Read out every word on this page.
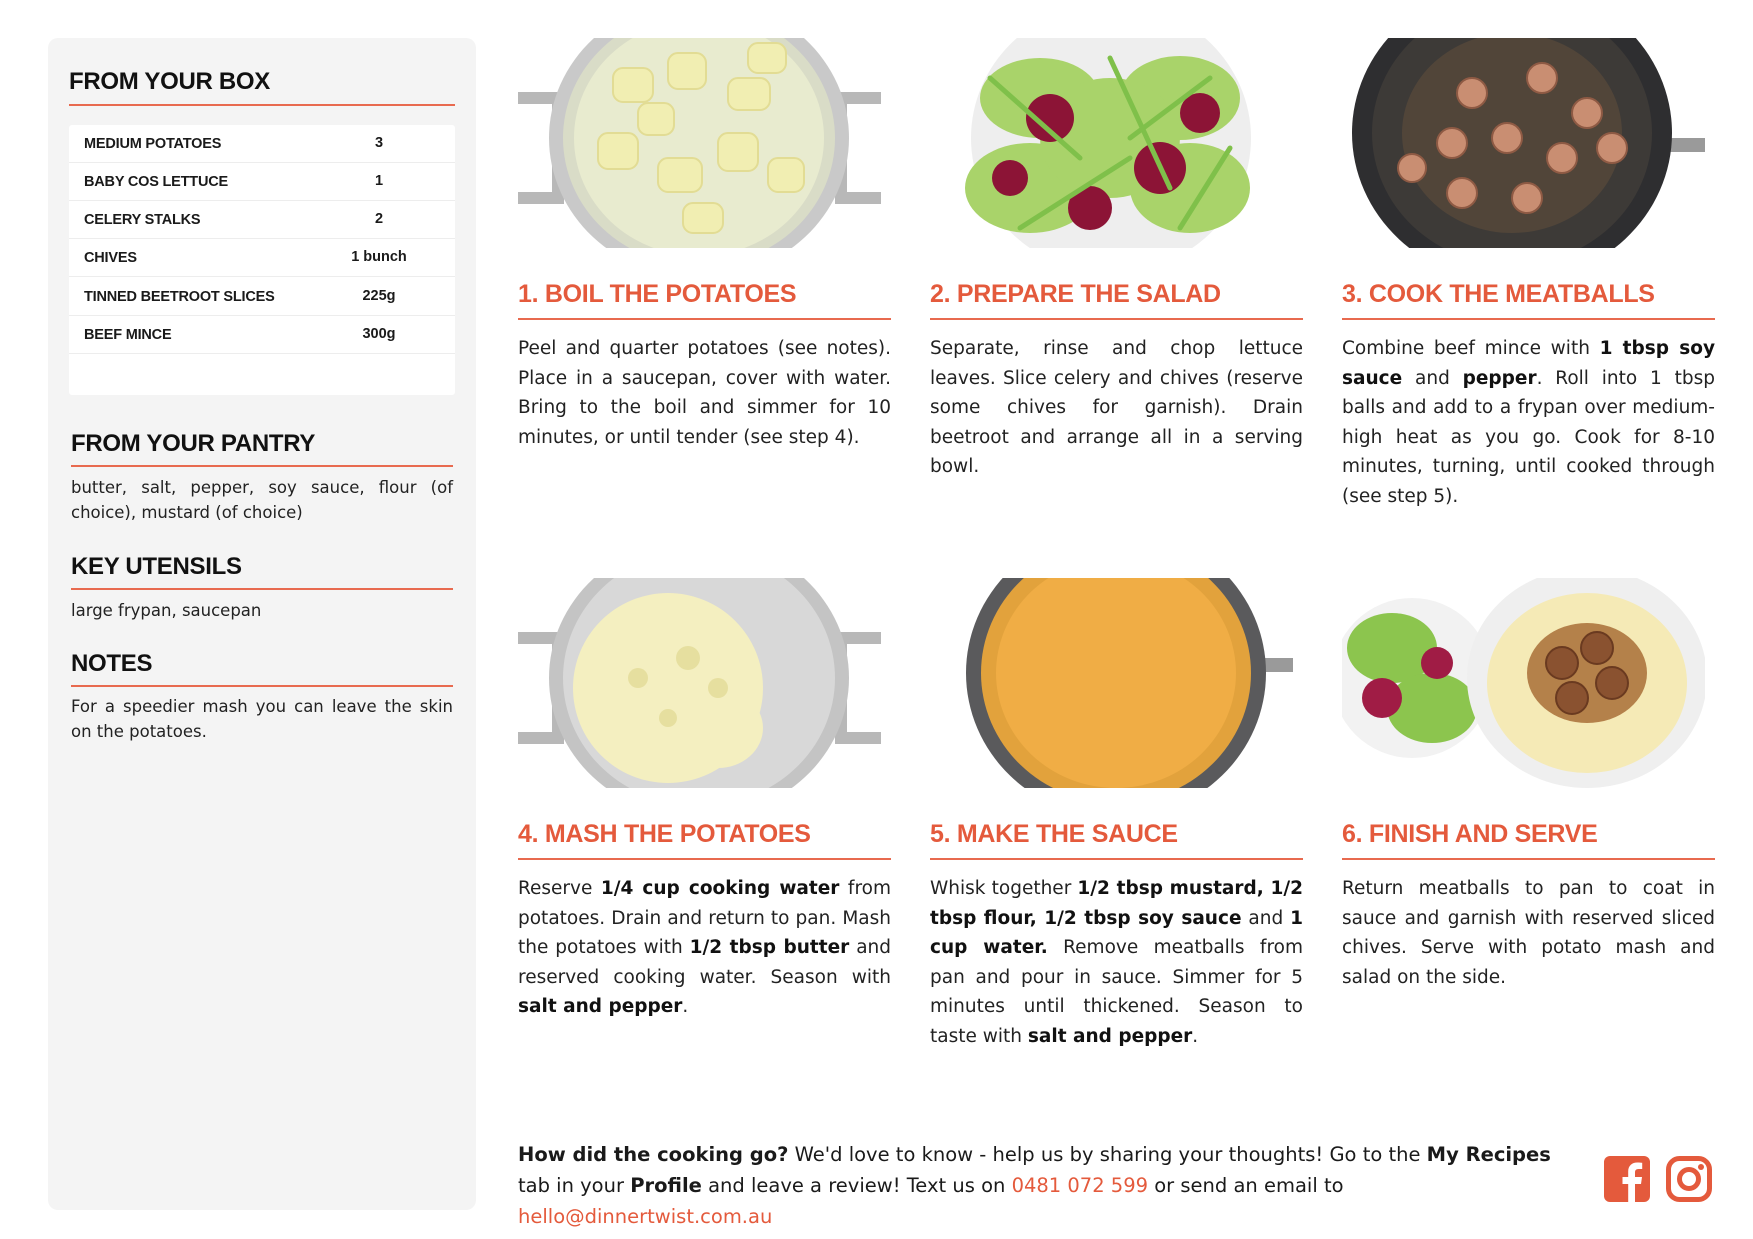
FROM YOUR BOX
MEDIUM POTATOES	3
BABY COS LETTUCE	1
CELERY STALKS	2
CHIVES	1 bunch
TINNED BEETROOT SLICES	225g
BEEF MINCE	300g
FROM YOUR PANTRY
butter, salt, pepper, soy sauce, flour (of choice), mustard (of choice)
KEY UTENSILS
large frypan, saucepan
NOTES
For a speedier mash you can leave the skin on the potatoes.
1. BOIL THE POTATOES
Peel and quarter potatoes (see notes). Place in a saucepan, cover with water. Bring to the boil and simmer for 10 minutes, or until tender (see step 4).
2. PREPARE THE SALAD
Separate, rinse and chop lettuce leaves. Slice celery and chives (reserve some chives for garnish). Drain beetroot and arrange all in a serving bowl.
3. COOK THE MEATBALLS
Combine beef mince with 1 tbsp soy sauce and pepper. Roll into 1 tbsp balls and add to a frypan over medium-high heat as you go. Cook for 8-10 minutes, turning, until cooked through (see step 5).
4. MASH THE POTATOES
Reserve 1/4 cup cooking water from potatoes. Drain and return to pan. Mash the potatoes with 1/2 tbsp butter and reserved cooking water. Season with salt and pepper.
5. MAKE THE SAUCE
Whisk together 1/2 tbsp mustard, 1/2 tbsp flour, 1/2 tbsp soy sauce and 1 cup water. Remove meatballs from pan and pour in sauce. Simmer for 5 minutes until thickened. Season to taste with salt and pepper.
6. FINISH AND SERVE
Return meatballs to pan to coat in sauce and garnish with reserved sliced chives. Serve with potato mash and salad on the side.
How did the cooking go? We'd love to know - help us by sharing your thoughts! Go to the My Recipes tab in your Profile and leave a review! Text us on 0481 072 599 or send an email to hello@dinnertwist.com.au
